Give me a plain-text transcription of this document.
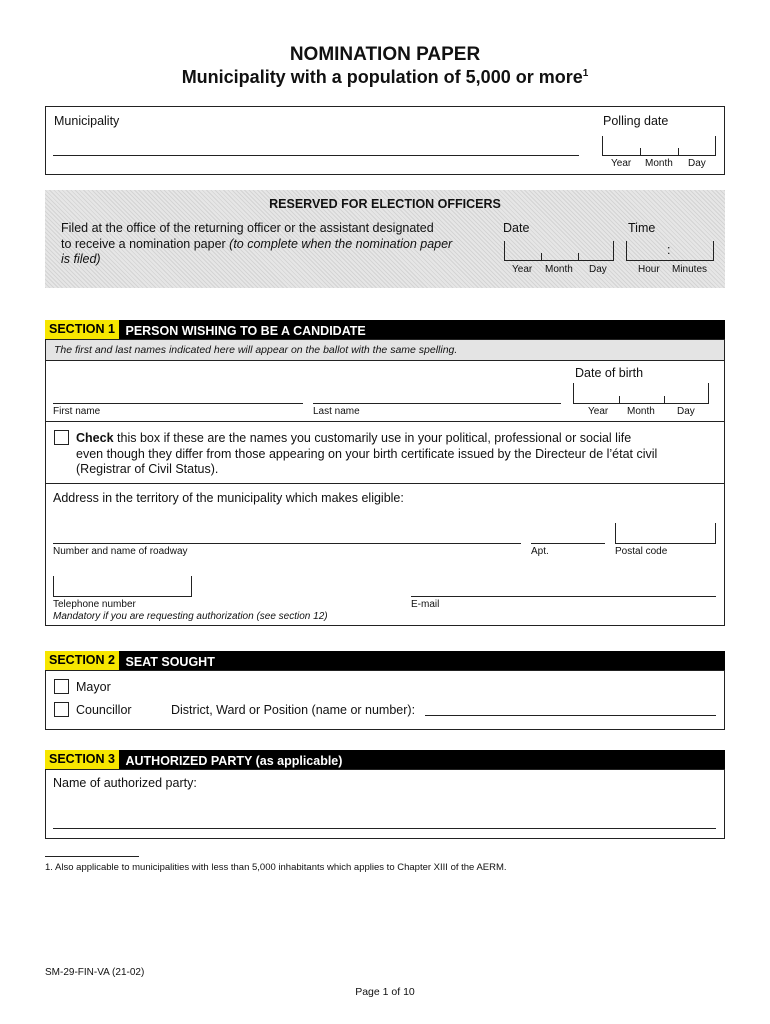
NOMINATION PAPER
Municipality with a population of 5,000 or more$^1$
Municipality	Polling date
Year Month Day
RESERVED FOR ELECTION OFFICERS
Filed at the office of the returning officer or the assistant designated
to receive a nomination paper (to complete when the nomination paper
is filed)
Date	Time
:
Year Month Day	Hour Minutes
SECTION 1 PERSON WISHING TO BE A CANDIDATE
The first and last names indicated here will appear on the ballot with the same spelling.
Date of birth
First name	Last name	Year Month Day
Check this box if these are the names you customarily use in your political, professional or social life
even though they differ from those appearing on your birth certificate issued by the Directeur de l’état civil
(Registrar of Civil Status).
Address in the territory of the municipality which makes eligible:
Number and name of roadway	Apt.	Postal code
Telephone number
Mandatory if you are requesting authorization (see section 12)
E-mail
SECTION 2 SEAT SOUGHT
Mayor
Councillor	District, Ward or Position (name or number):
SECTION 3 AUTHORIZED PARTY (as applicable)
Name of authorized party:
1. Also applicable to municipalities with less than 5,000 inhabitants which applies to Chapter XIII of the AERM.
SM-29-FIN-VA (21-02)
Page 1 of 10
